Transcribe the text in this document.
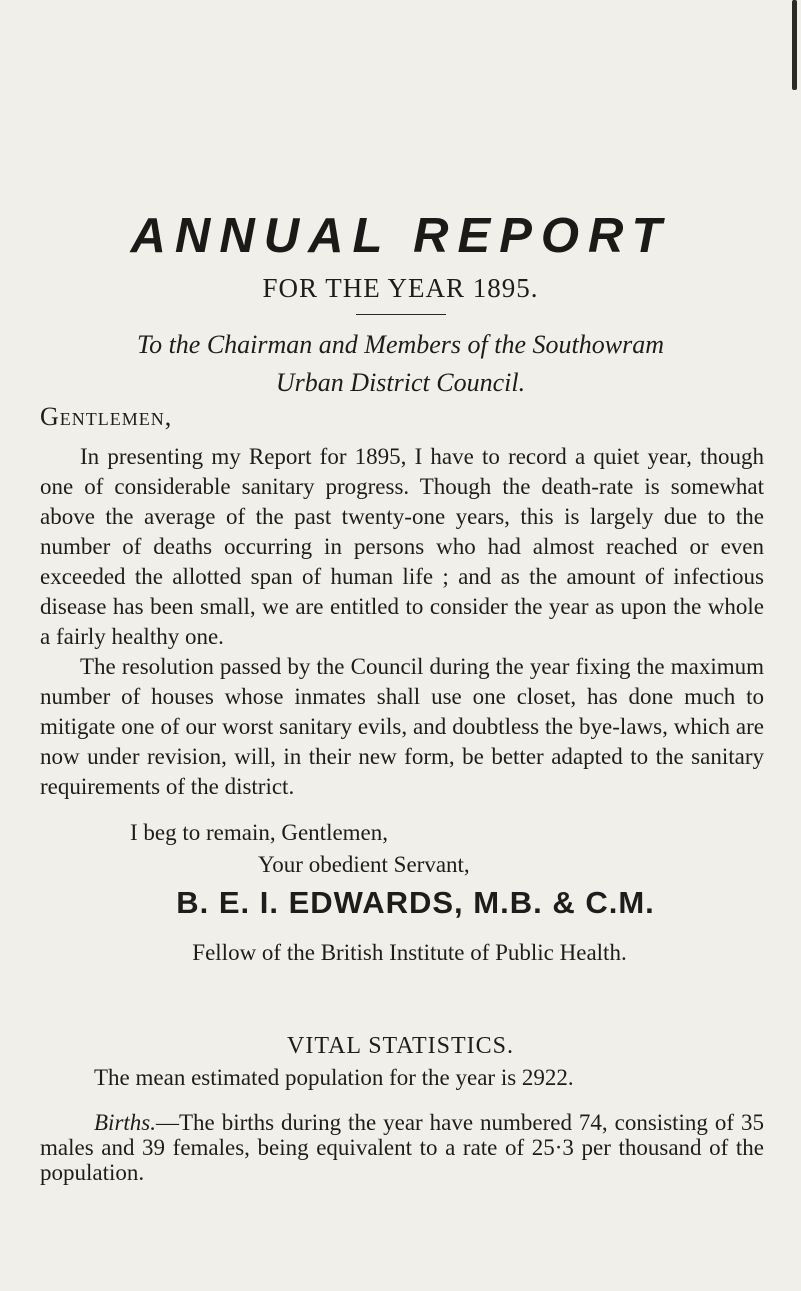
ANNUAL REPORT

FOR THE YEAR 1895.

To the Chairman and Members of the Southowram
Urban District Council.

Gentlemen,

In presenting my Report for 1895, I have to record a quiet year, though one of considerable sanitary progress. Though the death-rate is somewhat above the average of the past twenty-one years, this is largely due to the number of deaths occurring in persons who had almost reached or even exceeded the allotted span of human life ; and as the amount of infectious disease has been small, we are entitled to consider the year as upon the whole a fairly healthy one.

The resolution passed by the Council during the year fixing the maximum number of houses whose inmates shall use one closet, has done much to mitigate one of our worst sanitary evils, and doubtless the bye-laws, which are now under revision, will, in their new form, be better adapted to the sanitary requirements of the district.

I beg to remain, Gentlemen,

Your obedient Servant,

B. E. I. EDWARDS, M.B. & C.M.

Fellow of the British Institute of Public Health.

VITAL STATISTICS.

The mean estimated population for the year is 2922.

Births.—The births during the year have numbered 74, consisting of 35 males and 39 females, being equivalent to a rate of 25·3 per thousand of the population.
